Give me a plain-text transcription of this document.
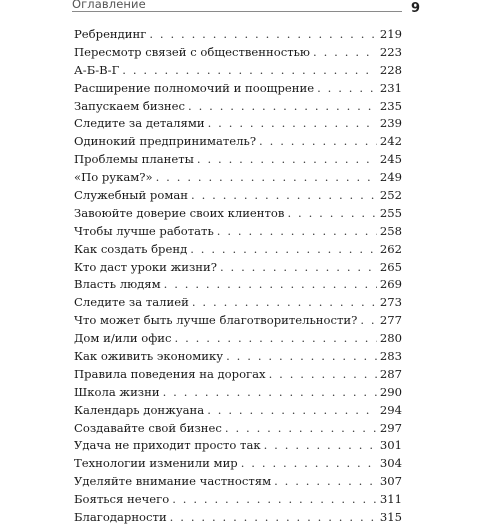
Оглавление	9
Ребрендинг . . .	219
Пересмотр связей с общественностью . . .	223
А-Б-В-Г . . .	228
Расширение полномочий и поощрение . . .	231
Запускаем бизнес . . .	235
Следите за деталями . . .	239
Одинокий предприниматель? . . .	242
Проблемы планеты . . .	245
«По рукам?» . . .	249
Служебный роман . . .	252
Завоюйте доверие своих клиентов . . .	255
Чтобы лучше работать . . .	258
Как создать бренд . . .	262
Кто даст уроки жизни? . . .	265
Власть людям . . .	269
Следите за талией . . .	273
Что может быть лучше благотворительности? . . . 277
Дом и/или офис . . .	280
Как оживить экономику . . .	283
Правила поведения на дорогах . . .	287
Школа жизни . . .	290
Календарь донжуана . . .	294
Создавайте свой бизнес . . .	297
Удача не приходит просто так . . .	301
Технологии изменили мир . . .	304
Уделяйте внимание частностям . . .	307
Бояться нечего . . .	311
Благодарности . . .	315
